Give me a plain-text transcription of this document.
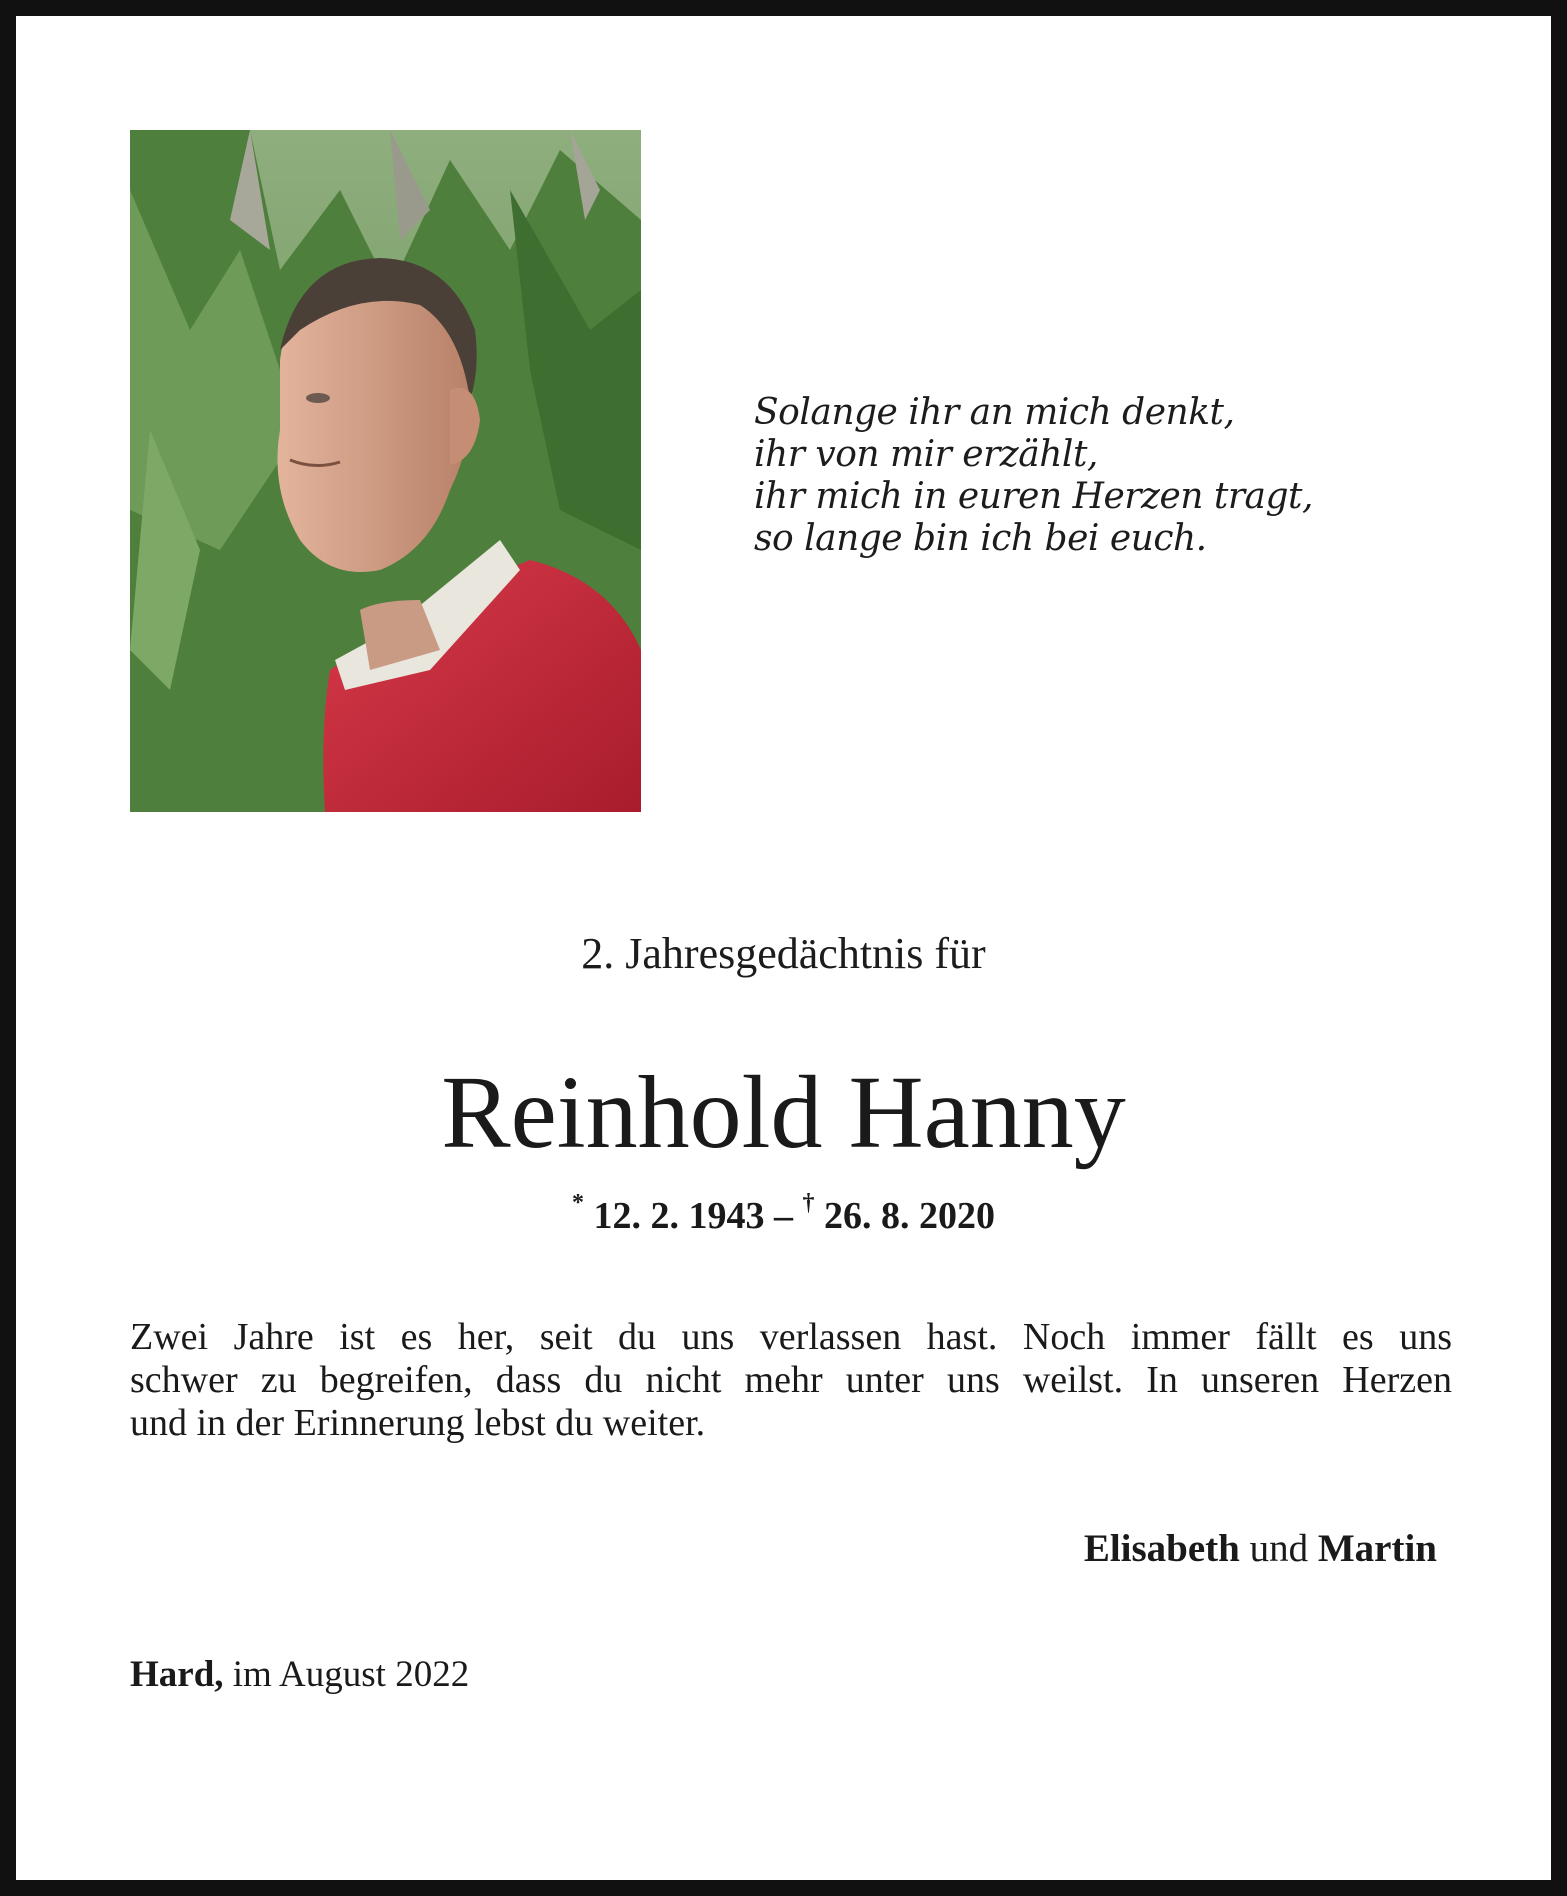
Solange ihr an mich denkt,
ihr von mir erzählt,
ihr mich in euren Herzen tragt,
so lange bin ich bei euch.
2. Jahresgedächtnis für
Reinhold Hanny
* 12. 2. 1943 – † 26. 8. 2020
Zwei Jahre ist es her, seit du uns verlassen hast. Noch immer fällt es uns
schwer zu begreifen, dass du nicht mehr unter uns weilst. In unseren Herzen
und in der Erinnerung lebst du weiter.
Elisabeth und Martin
Hard, im August 2022
